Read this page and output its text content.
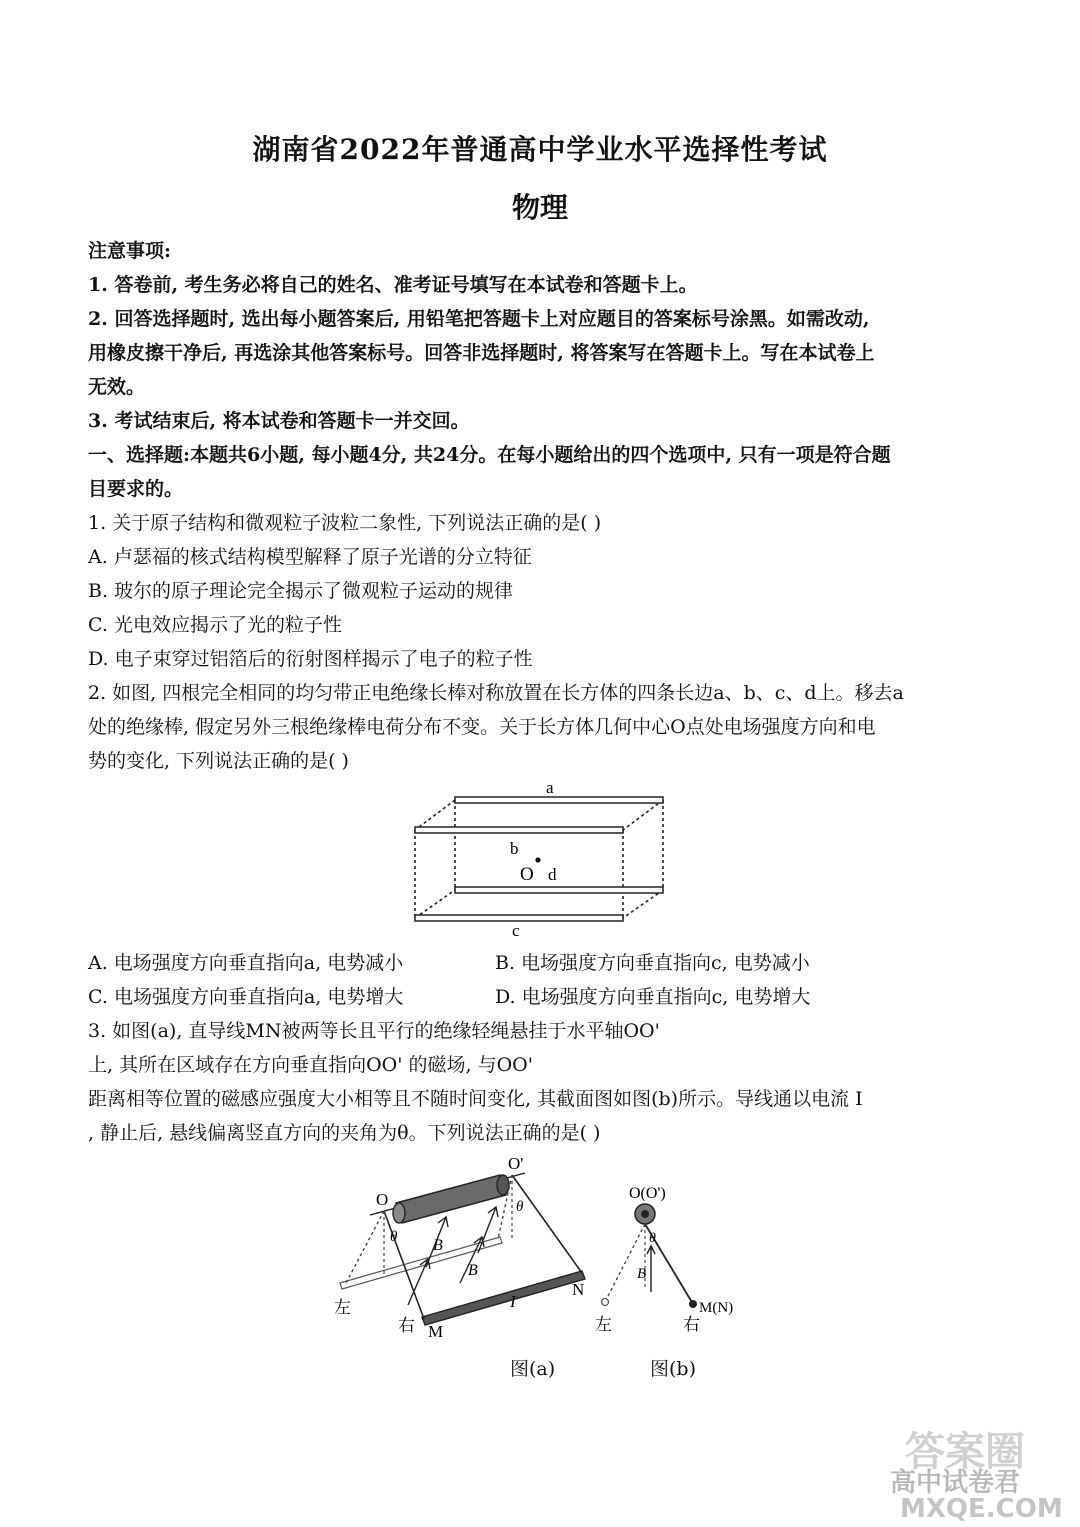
湖南省2022年普通高中学业水平选择性考试
物理
注意事项:
1. 答卷前, 考生务必将自己的姓名、准考证号填写在本试卷和答题卡上。
2. 回答选择题时, 选出每小题答案后, 用铅笔把答题卡上对应题目的答案标号涂黑。如需改动,
用橡皮擦干净后, 再选涂其他答案标号。回答非选择题时, 将答案写在答题卡上。写在本试卷上
无效。
3. 考试结束后, 将本试卷和答题卡一并交回。
一、选择题:本题共6小题, 每小题4分, 共24分。在每小题给出的四个选项中, 只有一项是符合题
目要求的。
1. 关于原子结构和微观粒子波粒二象性, 下列说法正确的是( )
A. 卢瑟福的核式结构模型解释了原子光谱的分立特征
B. 玻尔的原子理论完全揭示了微观粒子运动的规律
C. 光电效应揭示了光的粒子性
D. 电子束穿过铝箔后的衍射图样揭示了电子的粒子性
2. 如图, 四根完全相同的均匀带正电绝缘长棒对称放置在长方体的四条长边a、b、c、d上。移去a
处的绝缘棒, 假定另外三根绝缘棒电荷分布不变。关于长方体几何中心O点处电场强度方向和电
势的变化, 下列说法正确的是( )
a
b
O d
c
A. 电场强度方向垂直指向a, 电势减小	B. 电场强度方向垂直指向c, 电势减小
C. 电场强度方向垂直指向a, 电势增大	D. 电场强度方向垂直指向c, 电势增大
3. 如图(a), 直导线MN被两等长且平行的绝缘轻绳悬挂于水平轴OO'
上, 其所在区域存在方向垂直指向OO' 的磁场, 与OO'
距离相等位置的磁感应强度大小相等且不随时间变化, 其截面图如图(b)所示。导线通以电流 I
, 静止后, 悬线偏离竖直方向的夹角为θ。下列说法正确的是( )
O
O'
B
B
θ
θ
左
右 M
N
I
O(O')
θ
B
M(N)
左	右
图(a)	图(b)
答案圈
高中试卷君
MXQE.COM
